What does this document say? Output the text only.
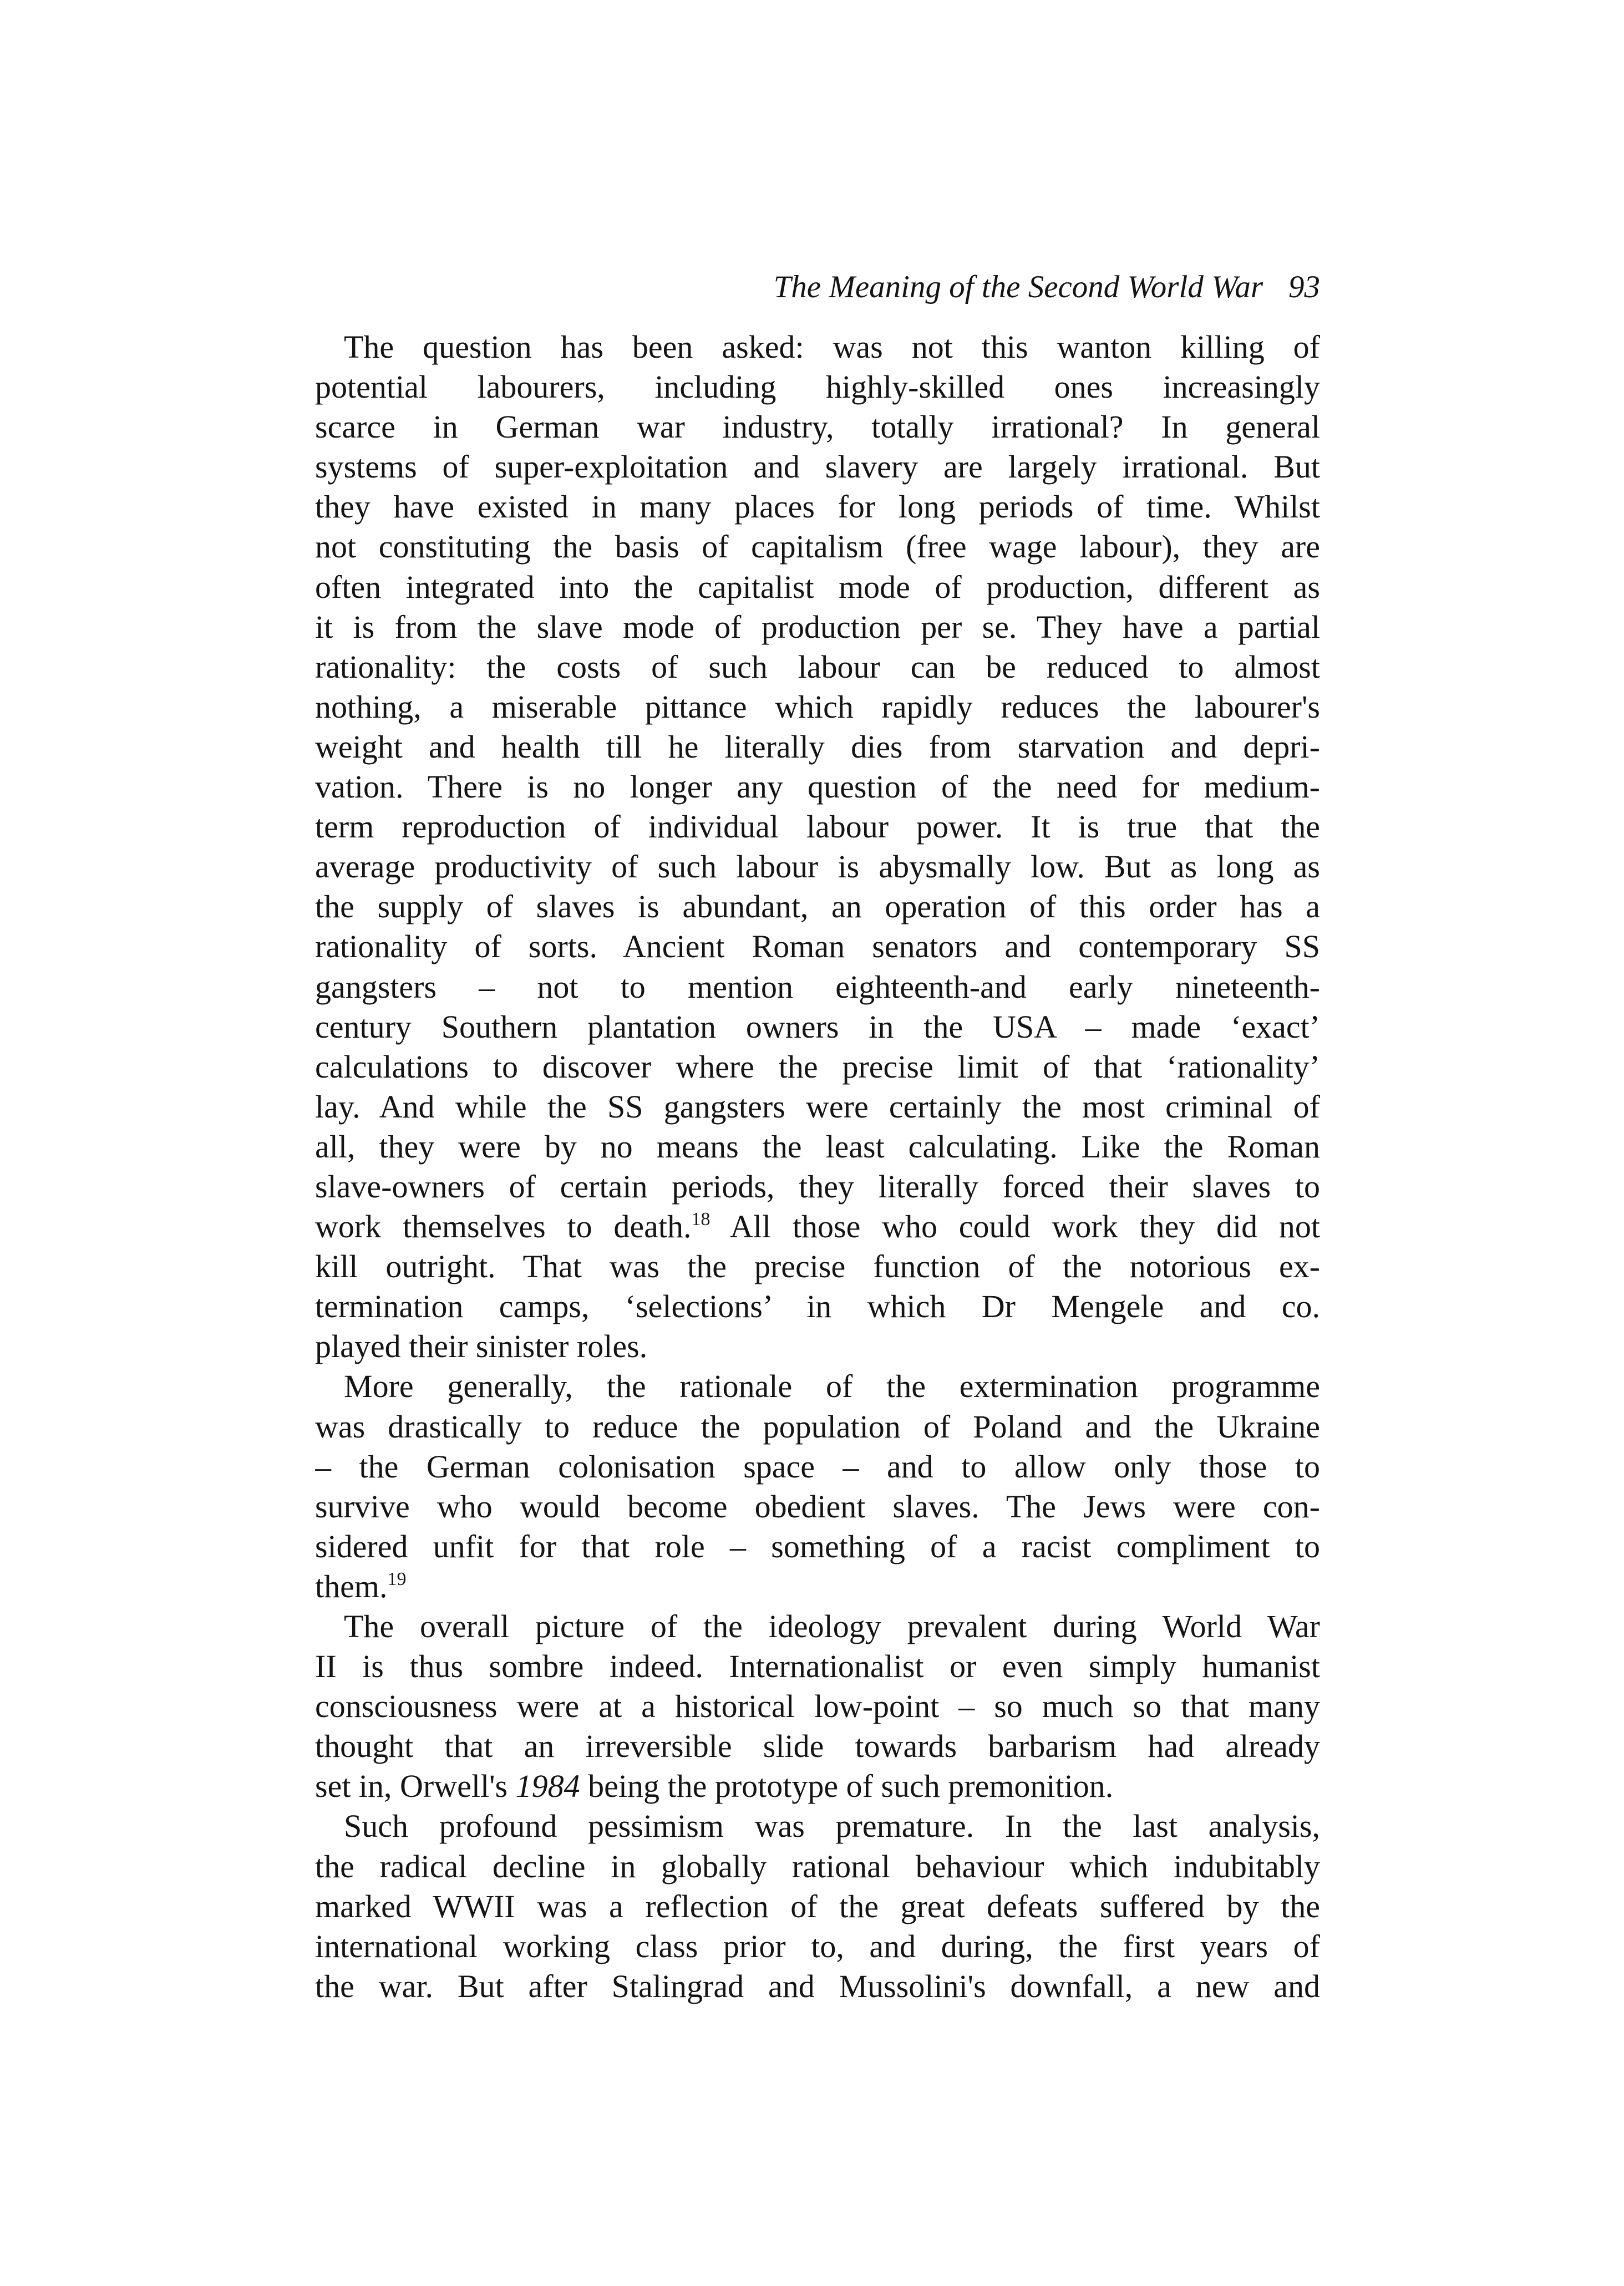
The Meaning of the Second World War 93
The question has been asked: was not this wanton killing of
potential labourers, including highly-skilled ones increasingly
scarce in German war industry, totally irrational? In general
systems of super-exploitation and slavery are largely irrational. But
they have existed in many places for long periods of time. Whilst
not constituting the basis of capitalism (free wage labour), they are
often integrated into the capitalist mode of production, different as
it is from the slave mode of production per se. They have a partial
rationality: the costs of such labour can be reduced to almost
nothing, a miserable pittance which rapidly reduces the labourer's
weight and health till he literally dies from starvation and depri-
vation. There is no longer any question of the need for medium-
term reproduction of individual labour power. It is true that the
average productivity of such labour is abysmally low. But as long as
the supply of slaves is abundant, an operation of this order has a
rationality of sorts. Ancient Roman senators and contemporary SS
gangsters – not to mention eighteenth-and early nineteenth-
century Southern plantation owners in the USA – made ‘exact’
calculations to discover where the precise limit of that ‘rationality’
lay. And while the SS gangsters were certainly the most criminal of
all, they were by no means the least calculating. Like the Roman
slave-owners of certain periods, they literally forced their slaves to
work themselves to death.$^{18}$ All those who could work they did not
kill outright. That was the precise function of the notorious ex-
termination camps, ‘selections’ in which Dr Mengele and co.
played their sinister roles.
More generally, the rationale of the extermination programme
was drastically to reduce the population of Poland and the Ukraine
– the German colonisation space – and to allow only those to
survive who would become obedient slaves. The Jews were con-
sidered unfit for that role – something of a racist compliment to
them.$^{19}$
The overall picture of the ideology prevalent during World War
II is thus sombre indeed. Internationalist or even simply humanist
consciousness were at a historical low-point – so much so that many
thought that an irreversible slide towards barbarism had already
set in, Orwell's 1984 being the prototype of such premonition.
Such profound pessimism was premature. In the last analysis,
the radical decline in globally rational behaviour which indubitably
marked WWII was a reflection of the great defeats suffered by the
international working class prior to, and during, the first years of
the war. But after Stalingrad and Mussolini's downfall, a new and
